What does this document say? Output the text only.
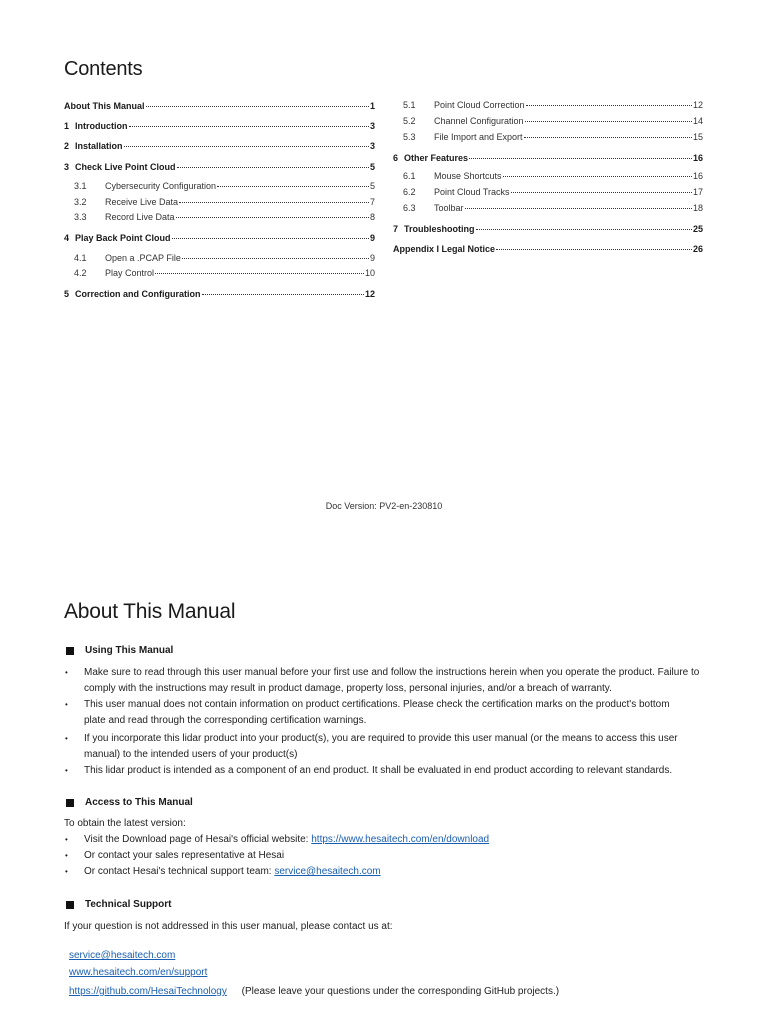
Contents
About This Manual	1
1 Introduction	3
2 Installation	3
3 Check Live Point Cloud	5
3.1	Cybersecurity Configuration	5
3.2	Receive Live Data	7
3.3	Record Live Data	8
4 Play Back Point Cloud	9
4.1	Open a .PCAP File	9
4.2	Play Control	10
5 Correction and Configuration	12
5.1	Point Cloud Correction	12
5.2	Channel Configuration	14
5.3	File Import and Export	15
6 Other Features	16
6.1	Mouse Shortcuts	16
6.2	Point Cloud Tracks	17
6.3	Toolbar	18
7 Troubleshooting	25
Appendix I Legal Notice	26
Doc Version: PV2-en-230810
About This Manual
Using This Manual
• Make sure to read through this user manual before your first use and follow the instructions herein when you operate the product. Failure to
comply with the instructions may result in product damage, property loss, personal injuries, and/or a breach of warranty.
• This user manual does not contain information on product certifications. Please check the certification marks on the product's bottom
plate and read through the corresponding certification warnings.
• If you incorporate this lidar product into your product(s), you are required to provide this user manual (or the means to access this user
manual) to the intended users of your product(s)
• This lidar product is intended as a component of an end product. It shall be evaluated in end product according to relevant standards.
Access to This Manual
To obtain the latest version:
• Visit the Download page of Hesai's official website: https://www.hesaitech.com/en/download
• Or contact your sales representative at Hesai
• Or contact Hesai's technical support team: service@hesaitech.com
Technical Support
If your question is not addressed in this user manual, please contact us at:
service@hesaitech.com
www.hesaitech.com/en/support
https://github.com/HesaiTechnology (Please leave your questions under the corresponding GitHub projects.)
